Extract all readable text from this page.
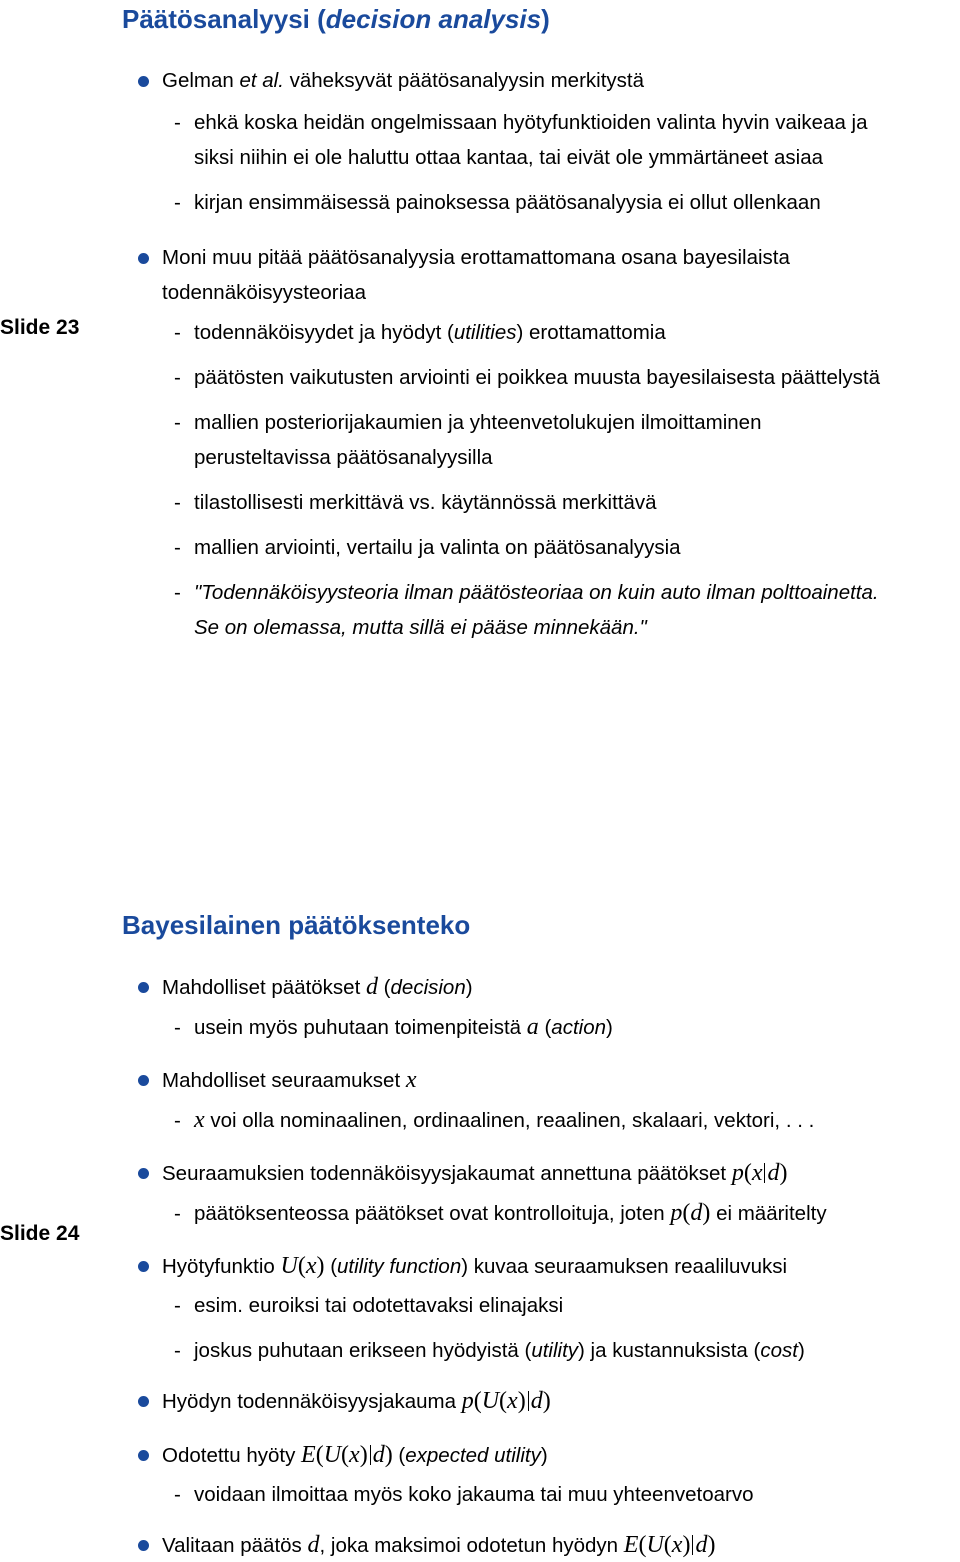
Slide 23
Päätösanalyysi (decision analysis)
Gelman et al. väheksyvät päätösanalyysin merkitystä
- ehkä koska heidän ongelmissaan hyötyfunktioiden valinta hyvin vaikeaa ja
siksi niihin ei ole haluttu ottaa kantaa, tai eivät ole ymmärtäneet asiaa
- kirjan ensimmäisessä painoksessa päätösanalyysia ei ollut ollenkaan
Moni muu pitää päätösanalyysia erottamattomana osana bayesilaista
todennäköisyysteoriaa
- todennäköisyydet ja hyödyt (utilities) erottamattomia
- päätösten vaikutusten arviointi ei poikkea muusta bayesilaisesta päättelystä
- mallien posteriorijakaumien ja yhteenvetolukujen ilmoittaminen
perusteltavissa päätösanalyysilla
- tilastollisesti merkittävä vs. käytännössä merkittävä
- mallien arviointi, vertailu ja valinta on päätösanalyysia
- "Todennäköisyysteoria ilman päätösteoriaa on kuin auto ilman polttoainetta.
Se on olemassa, mutta sillä ei pääse minnekään."
Slide 24
Bayesilainen päätöksenteko
Mahdolliset päätökset d (decision)
- usein myös puhutaan toimenpiteistä a (action)
Mahdolliset seuraamukset x
- x voi olla nominaalinen, ordinaalinen, reaalinen, skalaari, vektori, . . .
Seuraamuksien todennäköisyysjakaumat annettuna päätökset p(x d)
- päätöksenteossa päätökset ovat kontrolloituja, joten p(d) ei määritelty
Hyötyfunktio U(x) (utility function) kuvaa seuraamuksen reaaliluvuksi
- esim. euroiksi tai odotettavaksi elinajaksi
- joskus puhutaan erikseen hyödyistä (utility) ja kustannuksista (cost)
Hyödyn todennäköisyysjakauma p(U(x) d)
Odotettu hyöty E(U(x) d) (expected utility)
- voidaan ilmoittaa myös koko jakauma tai muu yhteenvetoarvo
Valitaan päätös d, joka maksimoi odotetun hyödyn E(U(x) d)
